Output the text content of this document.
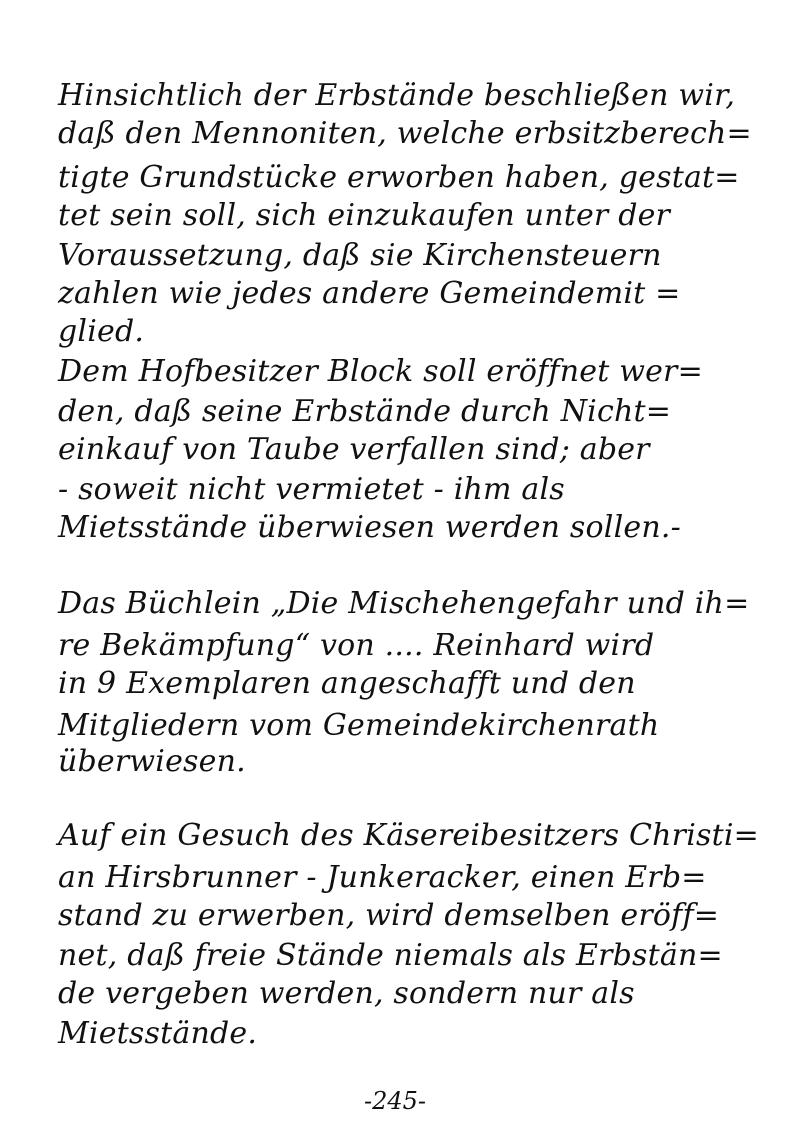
Hinsichtlich der Erbstände beschließen wir,
daß den Mennoniten, welche erbsitzberech=
tigte Grundstücke erworben haben, gestat=
tet sein soll, sich einzukaufen unter der
Voraussetzung, daß sie Kirchensteuern
zahlen wie jedes andere Gemeindemit =
glied.
Dem Hofbesitzer Block soll eröffnet wer=
den, daß seine Erbstände durch Nicht=
einkauf von Taube verfallen sind; aber
- soweit nicht vermietet - ihm als
Mietsstände überwiesen werden sollen.-
Das Büchlein „Die Mischehengefahr und ih=
re Bekämpfung“ von .... Reinhard wird
in 9 Exemplaren angeschafft und den
Mitgliedern vom Gemeindekirchenrath
überwiesen.
Auf ein Gesuch des Käsereibesitzers Christi=
an Hirsbrunner - Junkeracker, einen Erb=
stand zu erwerben, wird demselben eröff=
net, daß freie Stände niemals als Erbstän=
de vergeben werden, sondern nur als
Mietsstände.
-245-
